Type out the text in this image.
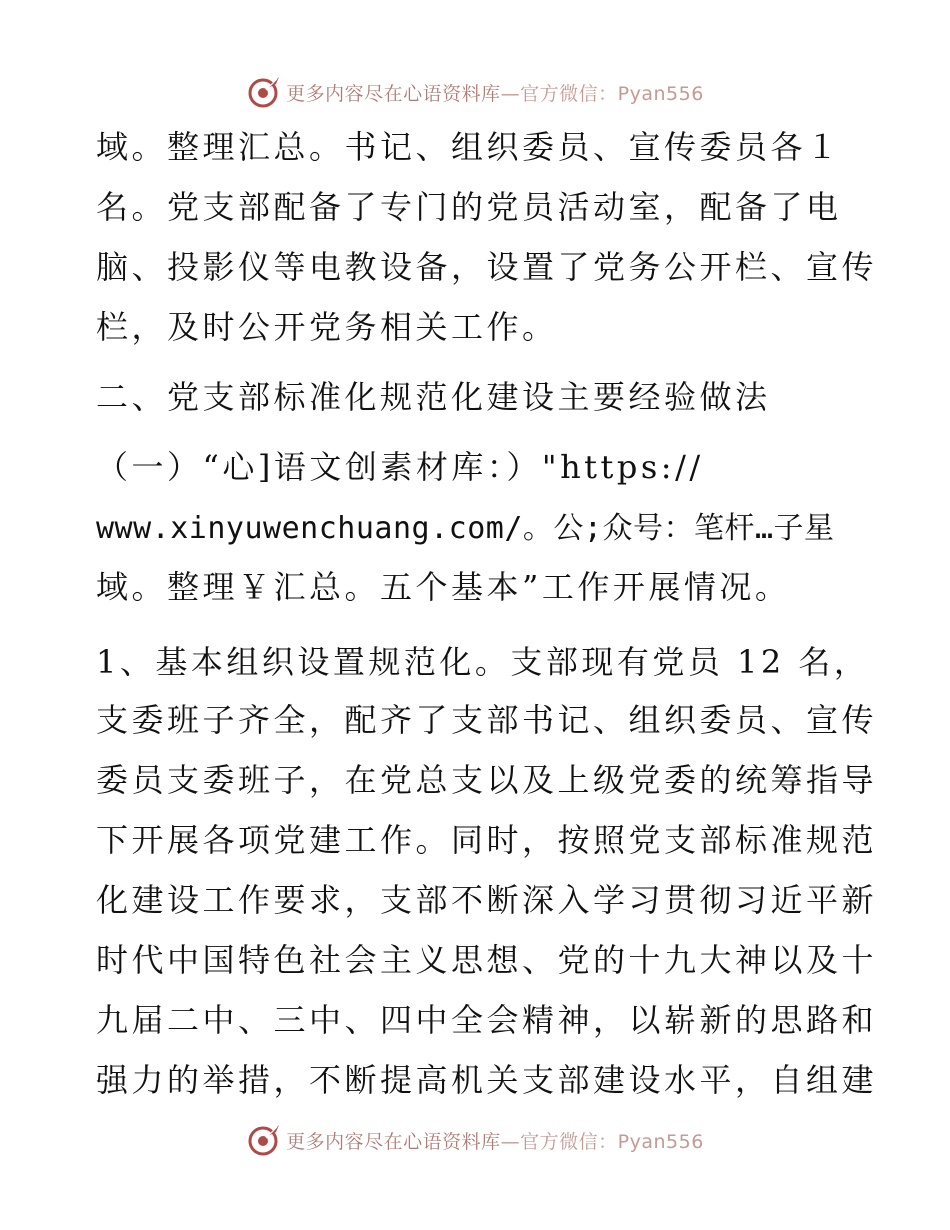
更多内容尽在心语资料库—官方微信：Pyan556
域。整理汇总。书记、组织委员、宣传委员各１
名。党支部配备了专门的党员活动室，配备了电
脑、投影仪等电教设备，设置了党务公开栏、宣传
栏，及时公开党务相关工作。
二、党支部标准化规范化建设主要经验做法
（一）“心]语文创素材库：）"https://
www.xinyuwenchuang.com/。公;众号：笔杆…子星
域。整理￥汇总。五个基本”工作开展情况。
1、基本组织设置规范化。支部现有党员 12 名，
支委班子齐全，配齐了支部书记、组织委员、宣传
委员支委班子，在党总支以及上级党委的统筹指导
下开展各项党建工作。同时，按照党支部标准规范
化建设工作要求，支部不断深入学习贯彻习近平新
时代中国特色社会主义思想、党的十九大神以及十
九届二中、三中、四中全会精神，以崭新的思路和
强力的举措，不断提高机关支部建设水平，自组建
更多内容尽在心语资料库—官方微信：Pyan556
